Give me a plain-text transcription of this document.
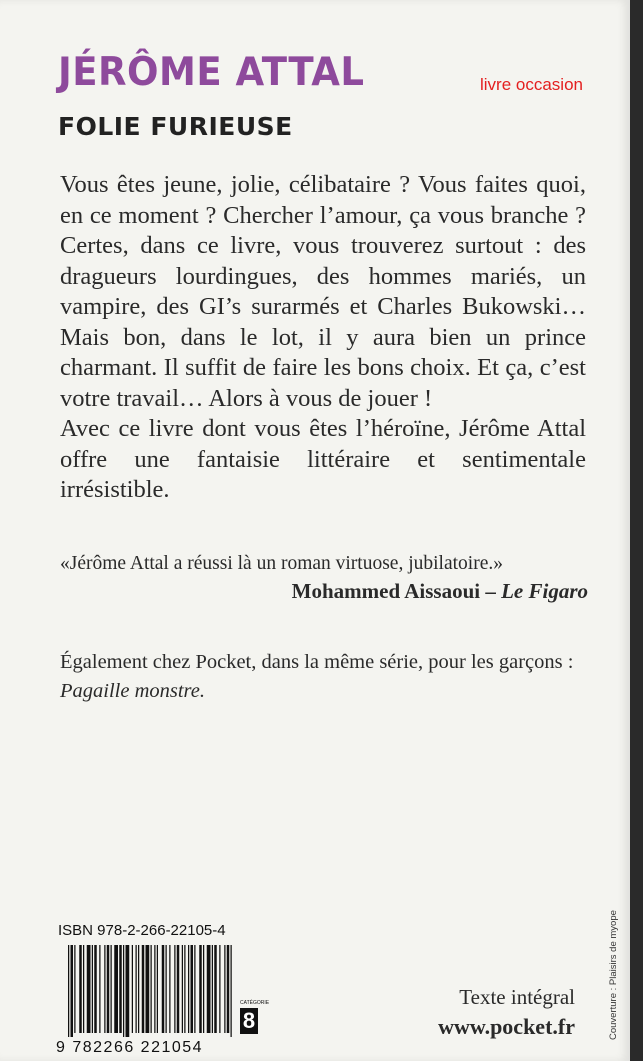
JÉRÔME ATTAL	livre occasion
FOLIE FURIEUSE

Vous êtes jeune, jolie, célibataire ? Vous faites quoi, en ce moment ? Chercher l’amour, ça vous branche ? Certes, dans ce livre, vous trouverez surtout : des dragueurs lourdingues, des hommes mariés, un vampire, des GI’s surarmés et Charles Bukowski… Mais bon, dans le lot, il y aura bien un prince charmant. Il suffit de faire les bons choix. Et ça, c’est votre travail… Alors à vous de jouer !

Avec ce livre dont vous êtes l’héroïne, Jérôme Attal offre une fantaisie littéraire et sentimentale irrésistible.

«Jérôme Attal a réussi là un roman virtuose, jubilatoire.»
Mohammed Aissaoui – Le Figaro
Également chez Pocket, dans la même série, pour les garçons : Pagaille monstre.
ISBN 978-2-266-22105-4
9 782266 221054
CATÉGORIE
8
Texte intégral
www.pocket.fr	Couverture : Plaisirs de myope
